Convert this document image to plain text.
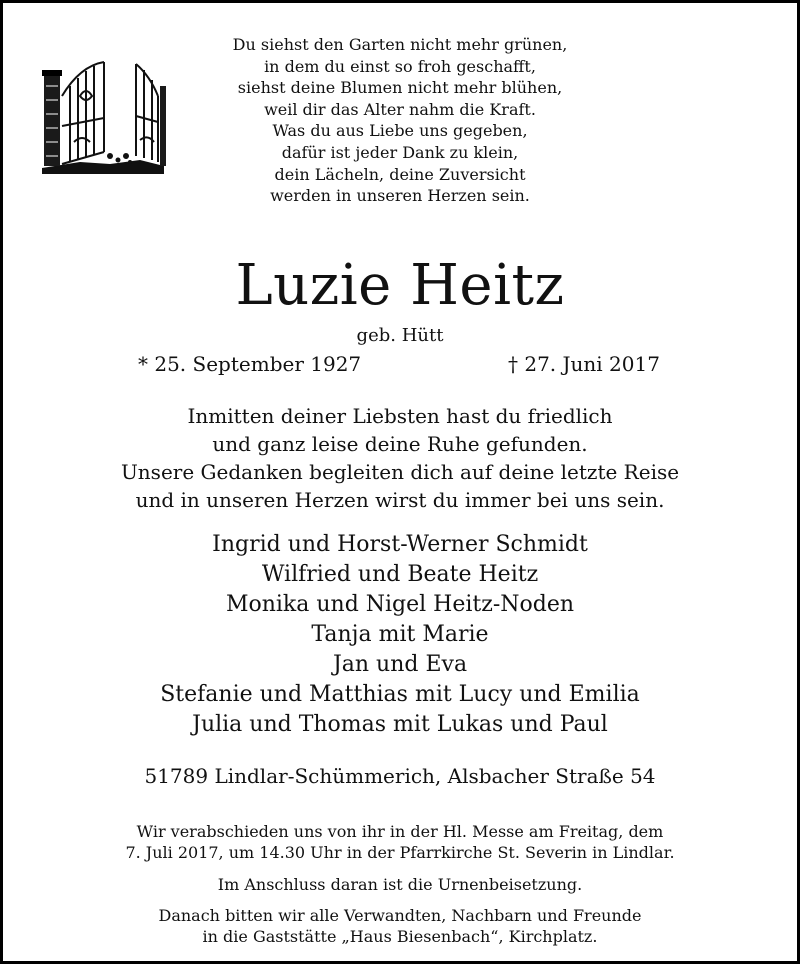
Du siehst den Garten nicht mehr grünen,
in dem du einst so froh geschafft,
siehst deine Blumen nicht mehr blühen,
weil dir das Alter nahm die Kraft.
Was du aus Liebe uns gegeben,
dafür ist jeder Dank zu klein,
dein Lächeln, deine Zuversicht
werden in unseren Herzen sein.
Luzie Heitz
geb. Hütt
* 25. September 1927	† 27. Juni 2017
Inmitten deiner Liebsten hast du friedlich
und ganz leise deine Ruhe gefunden.
Unsere Gedanken begleiten dich auf deine letzte Reise
und in unseren Herzen wirst du immer bei uns sein.
Ingrid und Horst-Werner Schmidt
Wilfried und Beate Heitz
Monika und Nigel Heitz-Noden
Tanja mit Marie
Jan und Eva
Stefanie und Matthias mit Lucy und Emilia
Julia und Thomas mit Lukas und Paul
51789 Lindlar-Schümmerich, Alsbacher Straße 54
Wir verabschieden uns von ihr in der Hl. Messe am Freitag, dem
7. Juli 2017, um 14.30 Uhr in der Pfarrkirche St. Severin in Lindlar.
Im Anschluss daran ist die Urnenbeisetzung.
Danach bitten wir alle Verwandten, Nachbarn und Freunde
in die Gaststätte „Haus Biesenbach“, Kirchplatz.
